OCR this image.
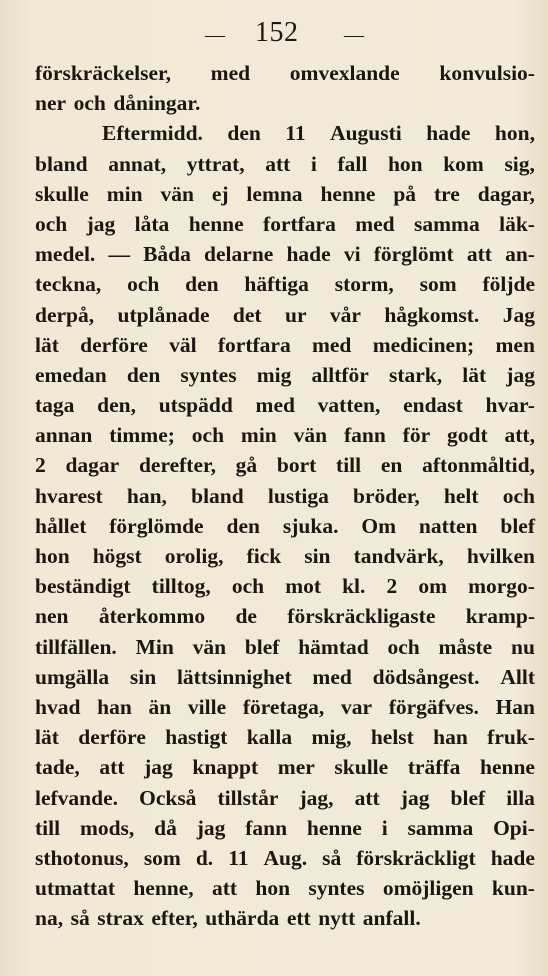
— 152 —
förskräckelser, med omvexlande konvulsio-
ner och dåningar.
Eftermidd. den 11 Augusti hade hon,
bland annat, yttrat, att i fall hon kom sig,
skulle min vän ej lemna henne på tre dagar,
och jag låta henne fortfara med samma läk-
medel. — Båda delarne hade vi förglömt att an-
teckna, och den häftiga storm, som följde
derpå, utplånade det ur vår hågkomst. Jag
lät derföre väl fortfara med medicinen; men
emedan den syntes mig alltför stark, lät jag
taga den, utspädd med vatten, endast hvar-
annan timme; och min vän fann för godt att,
2 dagar derefter, gå bort till en aftonmåltid,
hvarest han, bland lustiga bröder, helt och
hållet förglömde den sjuka. Om natten blef
hon högst orolig, fick sin tandvärk, hvilken
beständigt tilltog, och mot kl. 2 om morgo-
nen återkommo de förskräckligaste kramp-
tillfällen. Min vän blef hämtad och måste nu
umgälla sin lättsinnighet med dödsångest. Allt
hvad han än ville företaga, var förgäfves. Han
lät derföre hastigt kalla mig, helst han fruk-
tade, att jag knappt mer skulle träffa henne
lefvande. Också tillstår jag, att jag blef illa
till mods, då jag fann henne i samma Opi-
sthotonus, som d. 11 Aug. så förskräckligt hade
utmattat henne, att hon syntes omöjligen kun-
na, så strax efter, uthärda ett nytt anfall.
